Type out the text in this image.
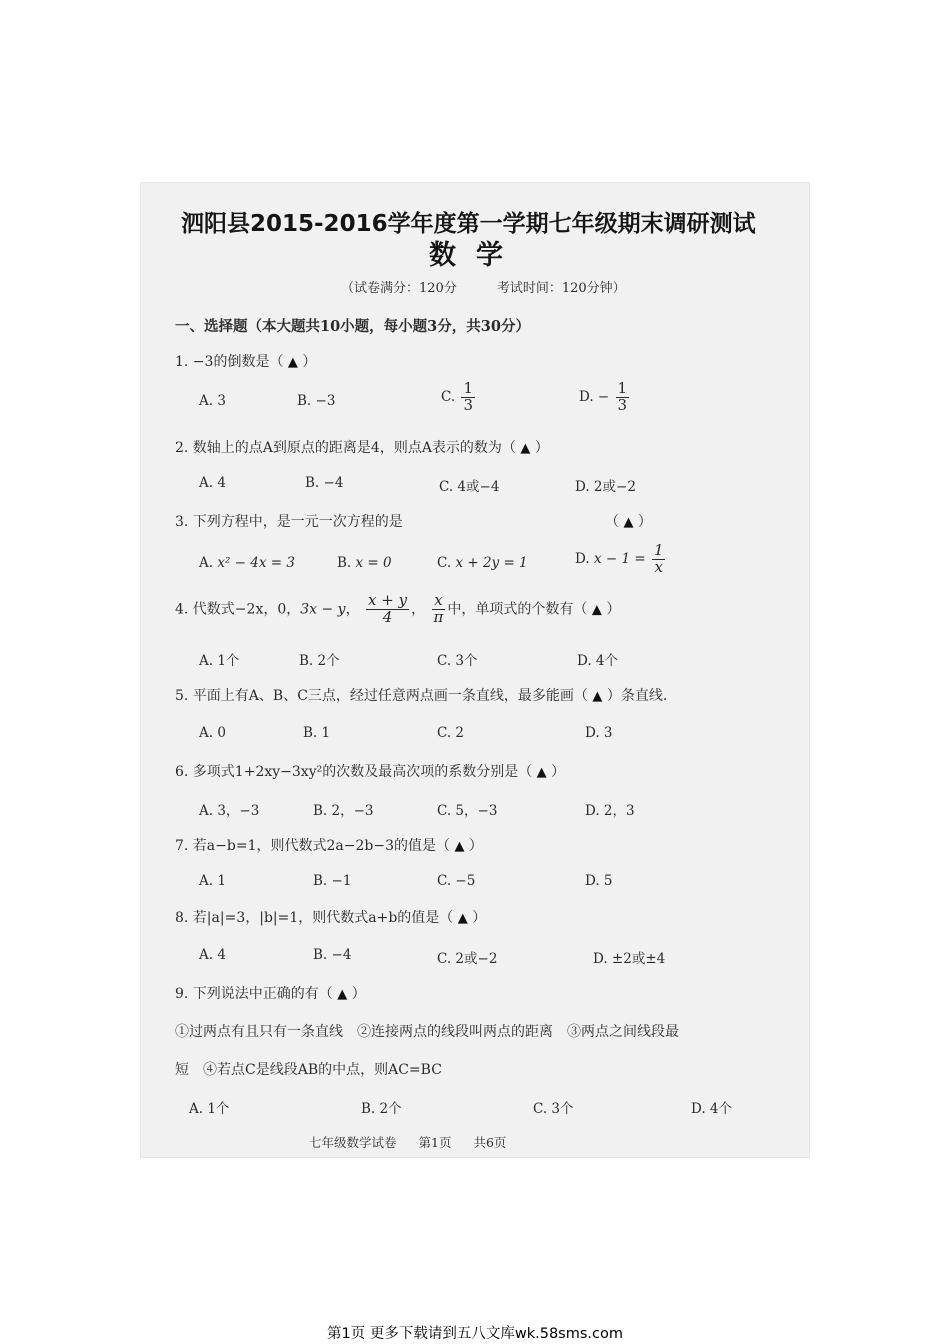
泗阳县2015-2016学年度第一学期七年级期末调研测试
数学
（试卷满分：120分	考试时间：120分钟）
一、选择题（本大题共10小题，每小题3分，共30分）
1. −3的倒数是（ ▲ ）
A. 3	B. −3	C. $\frac{1}{3}$	D. − $\frac{1}{3}$
2. 数轴上的点A到原点的距离是4，则点A表示的数为（ ▲ ）
A. 4	B. −4	C. 4或−4	D. 2或−2
3. 下列方程中，是一元一次方程的是	（ ▲ ）
A. x² − 4x = 3	B. x = 0	C. x + 2y = 1	D. $x - 1 = \frac{1}{x}$
4. 代数式−2x，0，3x − y， $\frac{x + y}{4}$ ， $\frac{x}{\pi}$ 中，单项式的个数有（ ▲ ）
A. 1个	B. 2个	C. 3个	D. 4个
5. 平面上有A、B、C三点，经过任意两点画一条直线，最多能画（ ▲ ）条直线.
A. 0	B. 1	C. 2	D. 3
6. 多项式1+2xy−3xy²的次数及最高次项的系数分别是（ ▲ ）
A. 3，−3	B. 2，−3	C. 5，−3	D. 2，3
7. 若a−b=1，则代数式2a−2b−3的值是（ ▲ ）
A. 1	B. −1	C. −5	D. 5
8. 若|a|=3，|b|=1，则代数式a+b的值是（ ▲ ）
A. 4	B. −4	C. 2或−2	D. ±2或±4
9. 下列说法中正确的有（ ▲ ）
①过两点有且只有一条直线　②连接两点的线段叫两点的距离　③两点之间线段最
短　④若点C是线段AB的中点，则AC=BC
A. 1个	B. 2个	C. 3个	D. 4个
七年级数学试卷 第1页 共6页
第1页 更多下载请到五八文库wk.58sms.com
